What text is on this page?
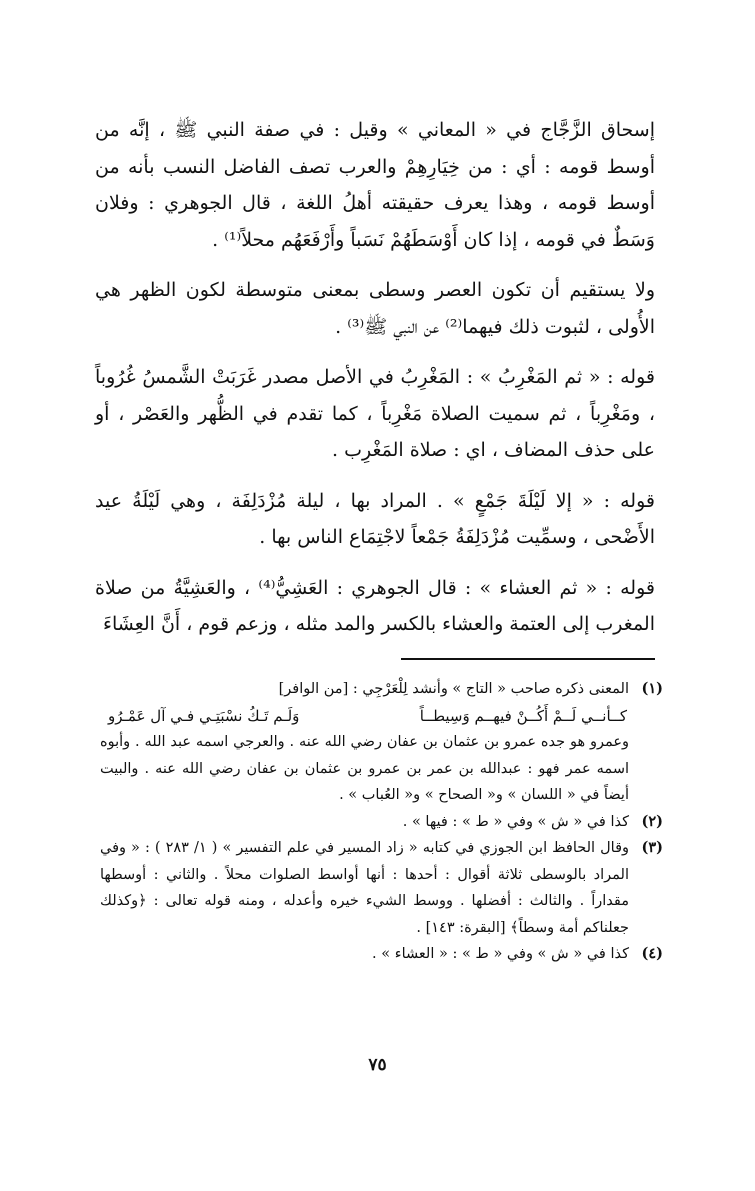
إسحاق الزَّجَّاج في « المعاني » وقيل : في صفة النبي ﷺ ، إنَّه من أوسط قومه : أي : من خِيَارِهِمْ والعرب تصف الفاضل النسب بأنه من أوسط قومه ، وهذا يعرف حقيقته أهلُ اللغة ، قال الجوهري : وفلان وَسَطٌ في قومه ، إذا كان أَوْسَطَهُمْ نَسَباً وأَرْفَعَهُم محلاً⁽¹⁾ .

ولا يستقيم أن تكون العصر وسطى بمعنى متوسطة لكون الظهر هي الأُولى ، لثبوت ذلك فيهما⁽²⁾ عن النبي ﷺ⁽³⁾ .

قوله : « ثم المَغْرِبُ » : المَغْرِبُ في الأصل مصدر غَرَبَتْ الشَّمسُ غُرُوباً ، ومَغْرِباً ، ثم سميت الصلاة مَغْرِباً ، كما تقدم في الظُّهر والعَصْر ، أو على حذف المضاف ، اي : صلاة المَغْرِب .

قوله : « إلا لَيْلَةَ جَمْعٍ » . المراد بها ، ليلة مُزْدَلِفَة ، وهي لَيْلَةُ عيد الأَضْحى ، وسمِّيت مُزْدَلِفَةُ جَمْعاً لاجْتِمَاع الناس بها .

قوله : « ثم العشاء » : قال الجوهري : العَشِيُّ⁽⁴⁾ ، والعَشِيَّةُ من صلاة المغرب إلى العتمة والعشاء بالكسر والمد مثله ، وزعم قوم ، أَنَّ العِشَاءَ

(١)
المعنى ذكره صاحب « التاج » وأنشد لِلْعَرْجِي : [من الوافر]
كــأنــي لَــمْ أَكُــنْ فيهــم وَسِيطــاً
وَلَـم تَـكُ نسْبَتِـي فـي آل عَمْـرُو
وعمرو هو جده عمرو بن عثمان بن عفان رضي الله عنه . والعرجي اسمه عبد الله . وأبوه اسمه عمر فهو : عبدالله بن عمر بن عمرو بن عثمان بن عفان رضي الله عنه . والبيت أيضاً في « اللسان » و« الصحاح » و« العُباب » .
(٢)
كذا في « ش » وفي « ط » : فيها » .
(٣)
وقال الحافظ ابن الجوزي في كتابه « زاد المسير في علم التفسير » ( ١/ ٢٨٣ ) : « وفي المراد بالوسطى ثلاثة أقوال : أحدها : أنها أواسط الصلوات محلاً . والثاني : أوسطها مقداراً . والثالث : أفضلها . ووسط الشيء خيره وأعدله ، ومنه قوله تعالى : ﴿وكذلك جعلناكم أمة وسطاً﴾ [البقرة: ١٤٣] .
(٤)
كذا في « ش » وفي « ط » : « العشاء » .
٧٥
